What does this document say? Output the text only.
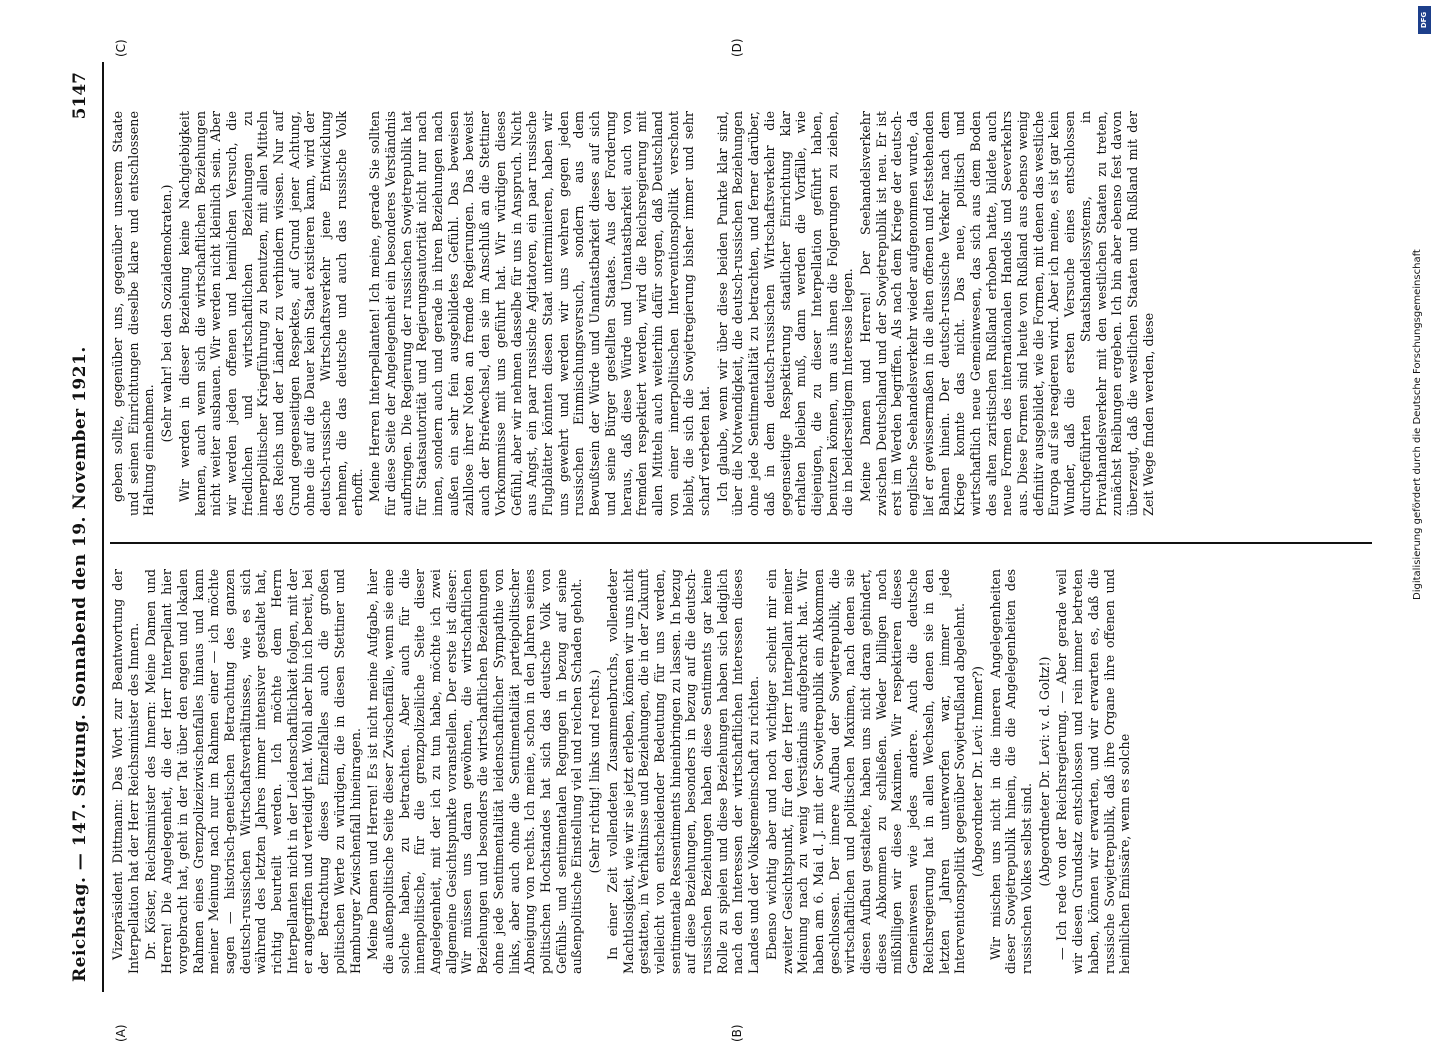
Reichstag. — 147. Sitzung. Sonnabend den 19. November 1921.
5147
(A)	(B)
(C)	(D)

Vizepräsident Dittmann: Das Wort zur Beantwortung der Interpellation hat der Herr Reichsminister des Innern. Dr. Köster, Reichsminister des Innern: Meine Damen und Herren! Die Angelegenheit, die der Herr Interpellant hier vorgebracht hat, geht in der Tat über den engen und lokalen Rahmen eines Grenzpolizeizwischenfalles hinaus und kann meiner Meinung nach nur im Rahmen einer — ich möchte sagen — historisch-genetischen Betrachtung des ganzen deutsch-russischen Wirtschaftsverhältnisses, wie es sich während des letzten Jahres immer intensiver gestaltet hat, richtig beurteilt werden. Ich möchte dem Herrn Interpellanten nicht in der Leidenschaftlichkeit folgen, mit der er angegriffen und verteidigt hat. Wohl aber bin ich bereit, bei der Betrachtung dieses Einzelfalles auch die großen politischen Werte zu würdigen, die in diesen Stettiner und Hamburger Zwischenfall hineinragen. Meine Damen und Herren! Es ist nicht meine Aufgabe, hier die außenpolitische Seite dieser Zwischenfälle, wenn sie eine solche haben, zu betrachten. Aber auch für die innenpolitische, für die grenzpolizeiliche Seite dieser Angelegenheit, mit der ich zu tun habe, möchte ich zwei allgemeine Gesichtspunkte voranstellen. Der erste ist dieser: Wir müssen uns daran gewöhnen, die wirtschaftlichen Beziehungen und besonders die wirtschaftlichen Beziehungen ohne jede Sentimentalität leidenschaftlicher Sympathie von links, aber auch ohne die Sentimentalität parteipolitischer Abneigung von rechts. Ich meine, schon in den Jahren seines politischen Hochstandes hat sich das deutsche Volk von Gefühls- und sentimentalen Regungen in bezug auf seine außenpolitische Einstellung viel und reichen Schaden geholt. (Sehr richtig! links und rechts.) In einer Zeit vollendeten Zusammenbruchs, vollendeter Machtlosigkeit, wie wir sie jetzt erleben, können wir uns nicht gestatten, in Verhältnisse und Beziehungen, die in der Zukunft vielleicht von entscheidender Bedeutung für uns werden, sentimentale Ressentiments hineinbringen zu lassen. In bezug auf diese Beziehungen, besonders in bezug auf die deutsch-russischen Beziehungen haben diese Sentiments gar keine Rolle zu spielen und diese Beziehungen haben sich lediglich nach den Interessen der wirtschaftlichen Interessen dieses Landes und der Volksgemeinschaft zu richten. Ebenso wichtig aber und noch wichtiger scheint mir ein zweiter Gesichtspunkt, für den der Herr Interpellant meiner Meinung nach zu wenig Verständnis aufgebracht hat. Wir haben am 6. Mai d. J. mit der Sowjetrepublik ein Abkommen geschlossen. Der innere Aufbau der Sowjetrepublik, die wirtschaftlichen und politischen Maximen, nach denen sie diesen Aufbau gestaltete, haben uns nicht daran gehindert, dieses Abkommen zu schließen. Weder billigen noch mißbilligen wir diese Maximen. Wir respektieren dieses Gemeinwesen wie jedes andere. Auch die deutsche Reichsregierung hat in allen Wechseln, denen sie in den letzten Jahren unterworfen war, immer jede Interventionspolitik gegenüber Sowjetrußland abgelehnt. (Abgeordneter Dr. Levi: Immer?) Wir mischen uns nicht in die inneren Angelegenheiten dieser Sowjetrepublik hinein, die die Angelegenheiten des russischen Volkes selbst sind. (Abgeordneter Dr. Levi: v. d. Goltz!) — Ich rede von der Reichsregierung. — Aber gerade weil wir diesen Grundsatz entschlossen und rein immer betreten haben, können wir erwarten, und wir erwarten es, daß die russische Sowjetrepublik, daß ihre Organe ihre offenen und heimlichen Emissäre, wenn es solche

geben sollte, gegenüber uns, gegenüber unserem Staate und seinen Einrichtungen dieselbe klare und entschlossene Haltung einnehmen.

(Sehr wahr! bei den Sozialdemokraten.) Wir werden in dieser Beziehung keine Nachgiebigkeit kennen, auch wenn sich die wirtschaftlichen Beziehungen nicht weiter ausbauen. Wir werden nicht kleinlich sein. Aber wir werden jeden offenen und heimlichen Versuch, die friedlichen und wirtschaftlichen Beziehungen zu innerpolitischer Kriegführung zu benutzen, mit allen Mitteln des Reichs und der Länder zu verhindern wissen. Nur auf Grund gegenseitigen Respektes, auf Grund jener Achtung, ohne die auf die Dauer kein Staat existieren kann, wird der deutsch-russische Wirtschaftsverkehr jene Entwicklung nehmen, die das deutsche und auch das russische Volk erhofft. Meine Herren Interpellanten! Ich meine, gerade Sie sollten für diese Seite der Angelegenheit ein besonderes Verständnis aufbringen. Die Regierung der russischen Sowjetrepublik hat für Staatsautorität und Regierungsautorität nicht nur nach innen, sondern auch und gerade in ihren Beziehungen nach außen ein sehr fein ausgebildetes Gefühl. Das beweisen zahllose ihrer Noten an fremde Regierungen. Das beweist auch der Briefwechsel, den sie im Anschluß an die Stettiner Vorkommnisse mit uns geführt hat. Wir würdigen dieses Gefühl, aber wir nehmen dasselbe für uns in Anspruch. Nicht aus Angst, ein paar russische Agitatoren, ein paar russische Flugblätter könnten diesen Staat unterminieren, haben wir uns gewehrt und werden wir uns wehren gegen jeden russischen Einmischungsversuch, sondern aus dem Bewußtsein der Würde und Unantastbarkeit dieses auf sich und seine Bürger gestellten Staates. Aus der Forderung heraus, daß diese Würde und Unantastbarkeit auch von fremden respektiert werden, wird die Reichsregierung mit allen Mitteln auch weiterhin dafür sorgen, daß Deutschland von einer innerpolitischen Interventionspolitik verschont bleibt, die sich die Sowjetregierung bisher immer und sehr scharf verbeten hat. Ich glaube, wenn wir über diese beiden Punkte klar sind, über die Notwendigkeit, die deutsch-russischen Beziehungen ohne jede Sentimentalität zu betrachten, und ferner darüber, daß in dem deutsch-russischen Wirtschaftsverkehr die gegenseitige Respektierung staatlicher Einrichtung klar erhalten bleiben muß, dann werden die Vorfälle, wie diejenigen, die zu dieser Interpellation geführt haben, benutzen können, um aus ihnen die Folgerungen zu ziehen, die in beiderseitigem Interesse liegen. Meine Damen und Herren! Der Seehandelsverkehr zwischen Deutschland und der Sowjetrepublik ist neu. Er ist erst im Werden begriffen. Als nach dem Kriege der deutsch-englische Seehandelsverkehr wieder aufgenommen wurde, da lief er gewissermaßen in die alten offenen und feststehenden Bahnen hinein. Der deutsch-russische Verkehr nach dem Kriege konnte das nicht. Das neue, politisch und wirtschaftlich neue Gemeinwesen, das sich aus dem Boden des alten zaristischen Rußland erhoben hatte, bildete auch neue Formen des internationalen Handels und Seeverkehrs aus. Diese Formen sind heute von Rußland aus ebenso wenig definitiv ausgebildet, wie die Formen, mit denen das westliche Europa auf sie reagieren wird. Aber ich meine, es ist gar kein Wunder, daß die ersten Versuche eines entschlossen durchgeführten Staatshandelssystems, in Privathandelsverkehr mit den westlichen Staaten zu treten, zunächst Reibungen ergeben. Ich bin aber ebenso fest davon überzeugt, daß die westlichen Staaten und Rußland mit der Zeit Wege finden werden, diese

DFG
Digitalisierung gefördert durch die Deutsche Forschungsgemeinschaft
